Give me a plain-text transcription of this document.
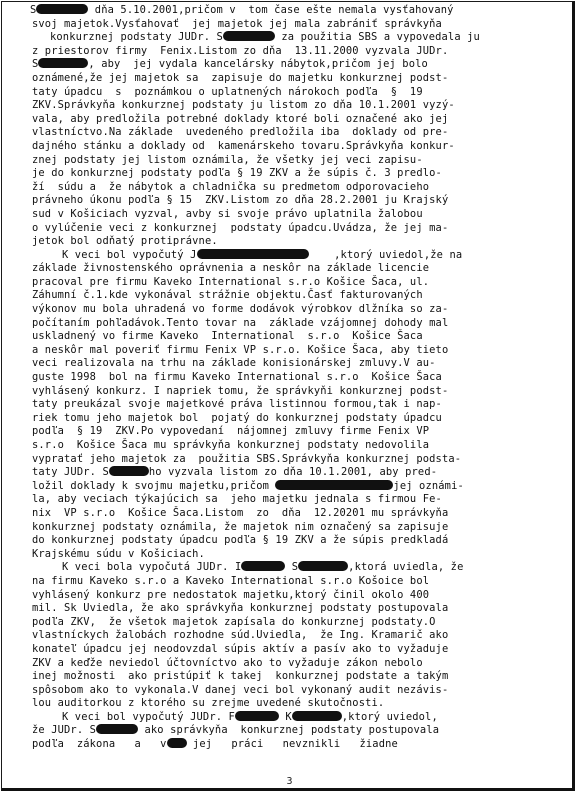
S	dňa 5.10.2001,pričom v  tom čase ešte nemala vysťahovaný
svoj majetok.Vysťahovať  jej majetok jej mala zabrániť správkyňa
konkurznej podstaty JUDr. S	za použitia SBS a vypovedala ju
z priestorov firmy  Fenix.Listom zo dňa  13.11.2000 vyzvala JUDr.
S	, aby  jej vydala kancelársky nábytok,pričom jej bolo
oznámené,že jej majetok sa  zapisuje do majetku konkurznej podst-
taty úpadcu  s  poznámkou o uplatnených nárokoch podľa  §  19
ZKV.Správkyňa konkurznej podstaty ju listom zo dňa 10.1.2001 vyzý-
vala, aby predložila potrebné doklady ktoré boli označené ako jej
vlastníctvo.Na základe  uvedeného predložila iba  doklady od pre-
dajného stánku a doklady od  kamenárskeho tovaru.Správkyňa konkur-
znej podstaty jej listom oznámila, že všetky jej veci zapisu-
je do konkurznej podstaty podľa § 19 ZKV a že súpis č. 3 predlo-
ží  súdu a  že nábytok a chladnička su predmetom odporovacieho
právneho úkonu podľa § 15  ZKV.Listom zo dňa 28.2.2001 ju Krajský
sud v Košiciach vyzval, avby si svoje právo uplatnila žalobou
o vylúčenie veci z konkurznej  podstaty úpadcu.Uvádza, že jej ma-
jetok bol odňatý protiprávne.
K veci bol vypočutý J	,ktorý uviedol,že na
základe živnostenského oprávnenia a neskôr na základe licencie
pracoval pre firmu Kaveko International s.r.o Košice Šaca, ul.
Záhumní č.1.kde vykonával strážnie objektu.Časť fakturovaných
výkonov mu bola uhradená vo forme dodávok výrobkov dlžníka so za-
počítaním pohľadávok.Tento tovar na  základe vzájomnej dohody mal
uskladnený vo firme Kaveko  International  s.r.o  Košice Šaca
a neskôr mal poveriť firmu Fenix VP s.r.o. Košice Šaca, aby tieto
veci realizovala na trhu na základe konisionárskej zmluvy.V au-
guste 1998  bol na firmu Kaveko International s.r.o  Košice Šaca
vyhlásený konkurz. I napriek tomu, že správkyňi konkurznej podst-
taty preukázal svoje majetkové práva listinnou formou,tak i nap-
riek tomu jeho majetok bol  pojatý do konkurznej podstaty úpadcu
podľa  § 19  ZKV.Po vypovedaní  nájomnej zmluvy firme Fenix VP
s.r.o  Košice Šaca mu správkyňa konkurznej podstaty nedovolila
vypratať jeho majetok za  použitia SBS.Správkyňa konkurznej podsta-
taty JUDr. S	ho vyzvala listom zo dňa 10.1.2001, aby pred-
ložil doklady k svojmu majetku,pričom	jej oznámi-
la, aby veciach týkajúcich sa  jeho majetku jednala s firmou Fe-
nix  VP s.r.o  Košice Šaca.Listom  zo  dňa  12.20201 mu správkyňa
konkurznej podstaty oznámila, že majetok nim označený sa zapisuje
do konkurznej podstaty úpadcu podľa § 19 ZKV a že súpis predkladá
Krajskému súdu v Košiciach.
K veci bola vypočutá JUDr. I	S	,ktorá uviedla, že
na firmu Kaveko s.r.o a Kaveko International s.r.o Košoice bol
vyhlásený konkurz pre nedostatok majetku,ktorý činil okolo 400
mil. Sk Uviedla, že ako správkyňa konkurznej podstaty postupovala
podľa ZKV,  že všetok majetok zapísala do konkurznej podstaty.O
vlastníckych žalobách rozhodne súd.Uviedla,  že Ing. Kramarič ako
konateľ úpadcu jej neodovzdal súpis aktív a pasív ako to vyžaduje
ZKV a keďže neviedol účtovníctvo ako to vyžaduje zákon nebolo
inej možnosti  ako pristúpiť k takej  konkurznej podstate a takým
spôsobom ako to vykonala.V danej veci bol vykonaný audit nezávis-
lou auditorkou z ktorého su zrejme uvedené skutočnosti.
K veci bol vypočutý JUDr. F	K	,ktorý uviedol,
že JUDr. S	ako správkyňa  konkurznej podstaty postupovala
podľa  zákona   a   v jej   práci   nevznikli   žiadne
3
